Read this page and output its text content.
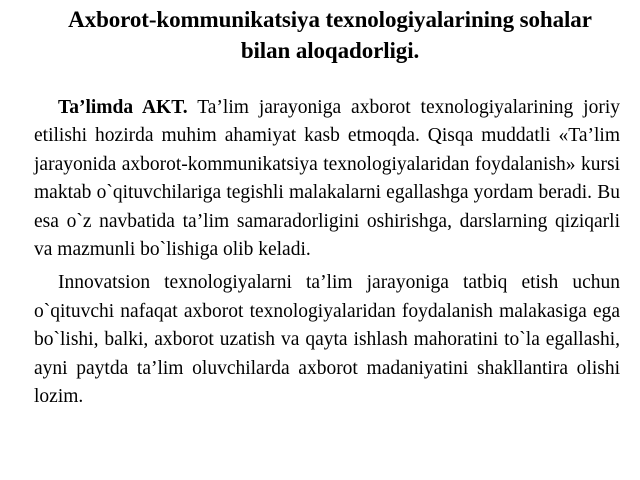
Axborot-kommunikatsiya texnologiyalarining sohalar bilan aloqadorligi.

Ta’limda AKT. Ta’lim jarayoniga axborot texnologiyalarining joriy etilishi hozirda muhim ahamiyat kasb etmoqda. Qisqa muddatli «Ta’lim jarayonida axborot-kommunikatsiya texnologiyalaridan foydalanish» kursi maktab o`qituvchilariga tegishli malakalarni egallashga yordam beradi. Bu esa o`z navbatida ta’lim samaradorligini oshirishga, darslarning qiziqarli va mazmunli bo`lishiga olib keladi.

Innovatsion texnologiyalarni ta’lim jarayoniga tatbiq etish uchun o`qituvchi nafaqat axborot texnologiyalaridan foydalanish malakasiga ega bo`lishi, balki, axborot uzatish va qayta ishlash mahoratini to`la egallashi, ayni paytda ta’lim oluvchilarda axborot madaniyatini shakllantira olishi lozim.
